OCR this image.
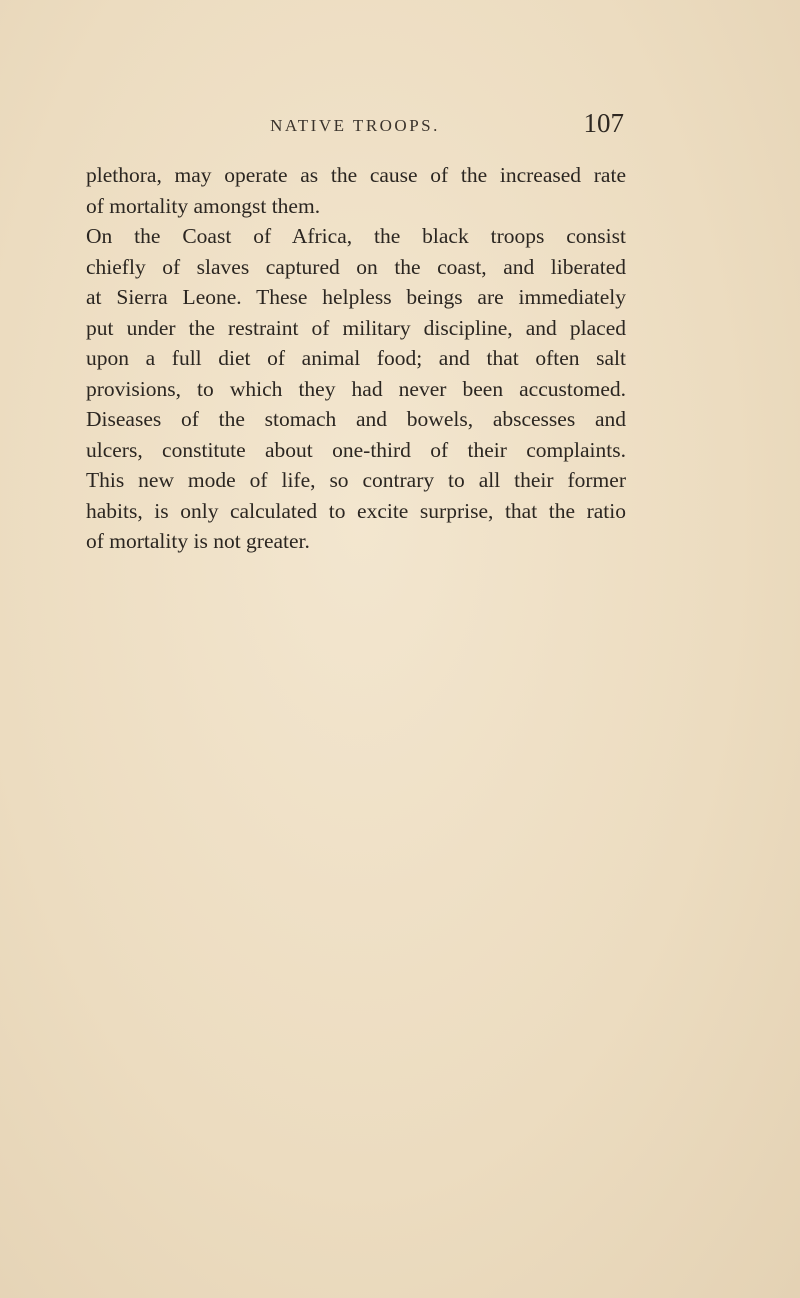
NATIVE TROOPS.	107
plethora, may operate as the cause of the increased rate
of mortality amongst them.
On the Coast of Africa, the black troops consist
chiefly of slaves captured on the coast, and liberated
at Sierra Leone. These helpless beings are immediately
put under the restraint of military discipline, and placed
upon a full diet of animal food; and that often salt
provisions, to which they had never been accustomed.
Diseases of the stomach and bowels, abscesses and
ulcers, constitute about one-third of their complaints.
This new mode of life, so contrary to all their former
habits, is only calculated to excite surprise, that the ratio
of mortality is not greater.
